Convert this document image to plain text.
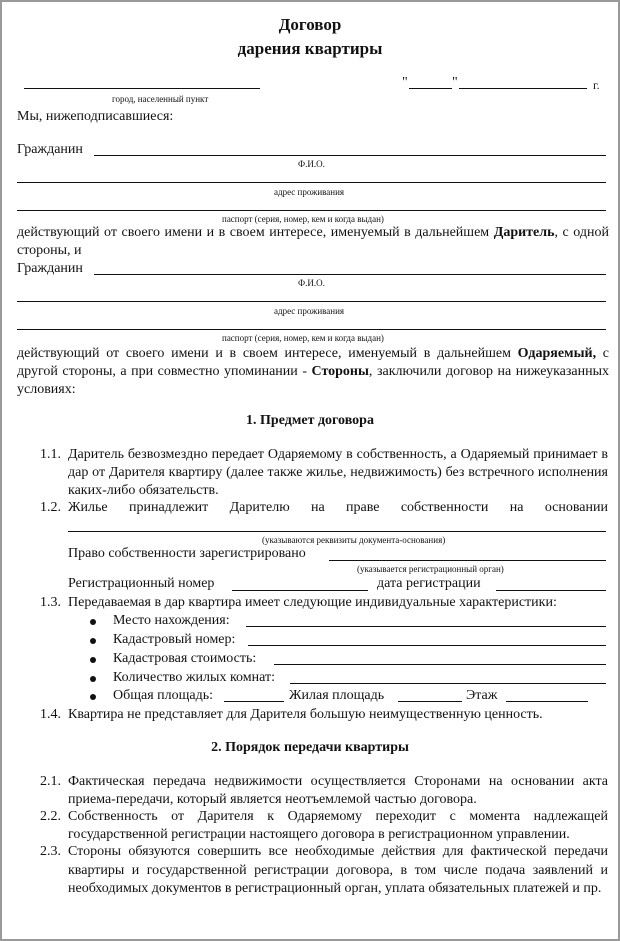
Договор
дарения квартиры
город, населенный пункт
"	"	г.
Мы, нижеподписавшиеся:
Гражданин
Ф.И.О.
адрес проживания
паспорт (серия, номер, кем и когда выдан)
действующий от своего имени и в своем интересе, именуемый в дальнейшем Даритель, с одной стороны, и
Гражданин
Ф.И.О.
адрес проживания
паспорт (серия, номер, кем и когда выдан)
действующий от своего имени и в своем интересе, именуемый в дальнейшем Одаряемый, с другой стороны, а при совместно упоминании - Стороны, заключили договор на нижеуказанных условиях:
1. Предмет договора
1.1. Даритель безвозмездно передает Одаряемому в собственность, а Одаряемый принимает в дар от Дарителя квартиру (далее также жилье, недвижимость) без встречного исполнения каких-либо обязательств.
1.2. Жилье принадлежит Дарителю на праве собственности на основании
(указываются реквизиты документа-основания)
Право собственности зарегистрировано
(указывается регистрационный орган)
Регистрационный номер	дата регистрации
1.3. Передаваемая в дар квартира имеет следующие индивидуальные характеристики:
Место нахождения:
Кадастровый номер:
Кадастровая стоимость:
Количество жилых комнат:
Общая площадь:	Жилая площадь	Этаж
1.4. Квартира не представляет для Дарителя большую неимущественную ценность.
2. Порядок передачи квартиры
2.1. Фактическая передача недвижимости осуществляется Сторонами на основании акта приема-передачи, который является неотъемлемой частью договора.
2.2. Собственность от Дарителя к Одаряемому переходит с момента надлежащей государственной регистрации настоящего договора в регистрационном управлении.
2.3. Стороны обязуются совершить все необходимые действия для фактической передачи квартиры и государственной регистрации договора, в том числе подача заявлений и необходимых документов в регистрационный орган, уплата обязательных платежей и пр.
